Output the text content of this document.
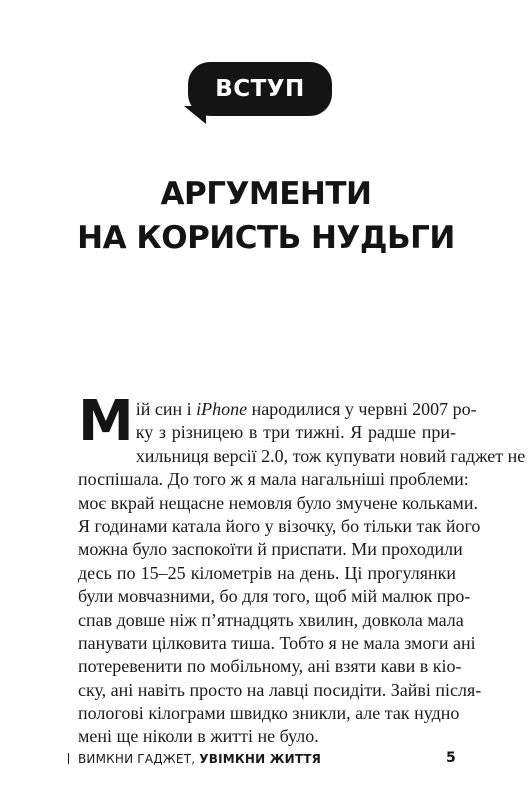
ВСТУП
АРГУМЕНТИ
НА КОРИСТЬ НУДЬГИ
М ій син і iPhone народилися у червні 2007 ро-
ку з різницею в три тижні. Я радше при-
хильниця версії 2.0, тож купувати новий гаджет не
поспішала. До того ж я мала нагальніші проблеми:
моє вкрай нещасне немовля було змучене кольками.
Я годинами катала його у візочку, бо тільки так його
можна було заспокоїти й приспати. Ми проходили
десь по 15–25 кілометрів на день. Ці прогулянки
були мовчазними, бо для того, щоб мій малюк про-
спав довше ніж п’ятнадцять хвилин, довкола мала
панувати цілковита тиша. Тобто я не мала змоги ані
потеревенити по мобільному, ані взяти кави в кіо-
ску, ані навіть просто на лавці посидіти. Зайві після-
пологові кілограми швидко зникли, але так нудно
мені ще ніколи в житті не було.
ВИМКНИ ГАДЖЕТ, УВІМКНИ ЖИТТЯ	5
